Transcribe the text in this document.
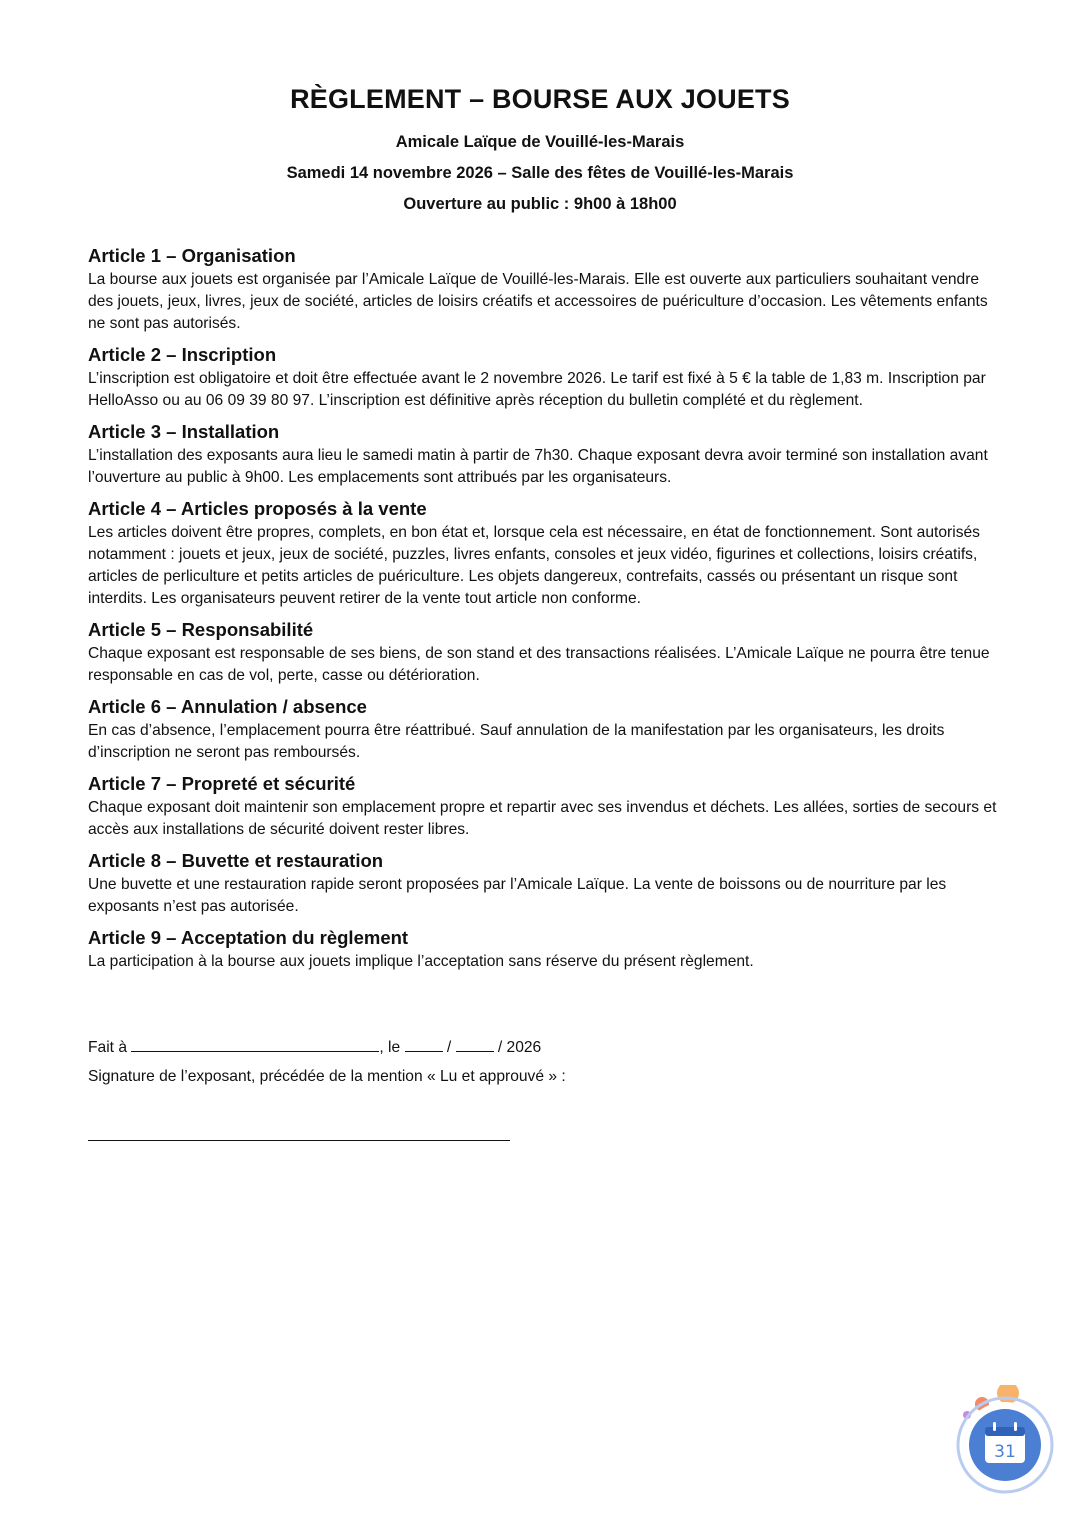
RÈGLEMENT – BOURSE AUX JOUETS
Amicale Laïque de Vouillé-les-Marais
Samedi 14 novembre 2026 – Salle des fêtes de Vouillé-les-Marais
Ouverture au public : 9h00 à 18h00
Article 1 – Organisation

La bourse aux jouets est organisée par l’Amicale Laïque de Vouillé-les-Marais. Elle est ouverte aux particuliers souhaitant vendre des jouets, jeux, livres, jeux de société, articles de loisirs créatifs et accessoires de puériculture d’occasion. Les vêtements enfants ne sont pas autorisés.

Article 2 – Inscription

L’inscription est obligatoire et doit être effectuée avant le 2 novembre 2026. Le tarif est fixé à 5 € la table de 1,83 m. Inscription par HelloAsso ou au 06 09 39 80 97. L’inscription est définitive après réception du bulletin complété et du règlement.

Article 3 – Installation

L’installation des exposants aura lieu le samedi matin à partir de 7h30. Chaque exposant devra avoir terminé son installation avant l’ouverture au public à 9h00. Les emplacements sont attribués par les organisateurs.

Article 4 – Articles proposés à la vente

Les articles doivent être propres, complets, en bon état et, lorsque cela est nécessaire, en état de fonctionnement. Sont autorisés notamment : jouets et jeux, jeux de société, puzzles, livres enfants, consoles et jeux vidéo, figurines et collections, loisirs créatifs, articles de perliculture et petits articles de puériculture. Les objets dangereux, contrefaits, cassés ou présentant un risque sont interdits. Les organisateurs peuvent retirer de la vente tout article non conforme.

Article 5 – Responsabilité

Chaque exposant est responsable de ses biens, de son stand et des transactions réalisées. L’Amicale Laïque ne pourra être tenue responsable en cas de vol, perte, casse ou détérioration.

Article 6 – Annulation / absence

En cas d’absence, l’emplacement pourra être réattribué. Sauf annulation de la manifestation par les organisateurs, les droits d’inscription ne seront pas remboursés.

Article 7 – Propreté et sécurité

Chaque exposant doit maintenir son emplacement propre et repartir avec ses invendus et déchets. Les allées, sorties de secours et accès aux installations de sécurité doivent rester libres.

Article 8 – Buvette et restauration

Une buvette et une restauration rapide seront proposées par l’Amicale Laïque. La vente de boissons ou de nourriture par les exposants n’est pas autorisée.

Article 9 – Acceptation du règlement

La participation à la bourse aux jouets implique l’acceptation sans réserve du présent règlement.

Fait à	, le	/	/ 2026
Signature de l’exposant, précédée de la mention « Lu et approuvé » :
31
